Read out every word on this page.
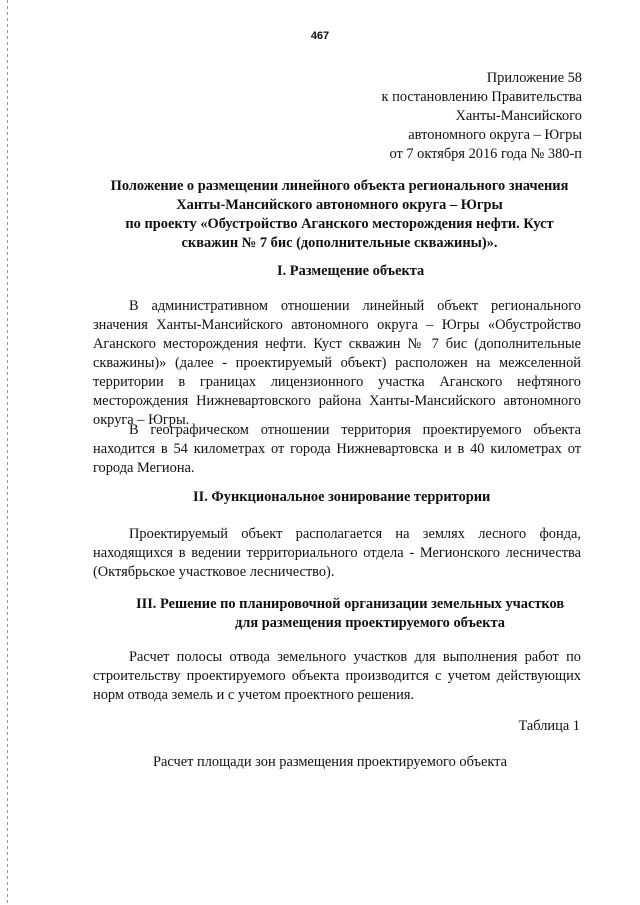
467
Приложение 58
к постановлению Правительства
Ханты-Мансийского
автономного округа – Югры
от 7 октября 2016 года № 380-п
Положение о размещении линейного объекта регионального значения
Ханты-Мансийского автономного округа – Югры
по проекту «Обустройство Аганского месторождения нефти. Куст
скважин № 7 бис (дополнительные скважины)».
I. Размещение объекта

В административном отношении линейный объект регионального значения Ханты-Мансийского автономного округа – Югры «Обустройство Аганского месторождения нефти. Куст скважин № 7 бис (дополнительные скважины)» (далее - проектируемый объект) расположен на межселенной территории в границах лицензионного участка Аганского нефтяного месторождения Нижневартовского района Ханты-Мансийского автономного округа – Югры.

В географическом отношении территория проектируемого объекта находится в 54 километрах от города Нижневартовска и в 40 километрах от города Мегиона.

II. Функциональное зонирование территории

Проектируемый объект располагается на землях лесного фонда, находящихся в ведении территориального отдела - Мегионского лесничества (Октябрьское участковое лесничество).

III. Решение по планировочной организации земельных участков
для размещения проектируемого объекта

Расчет полосы отвода земельного участков для выполнения работ по строительству проектируемого объекта производится с учетом действующих норм отвода земель и с учетом проектного решения.

Таблица 1
Расчет площади зон размещения проектируемого объекта
